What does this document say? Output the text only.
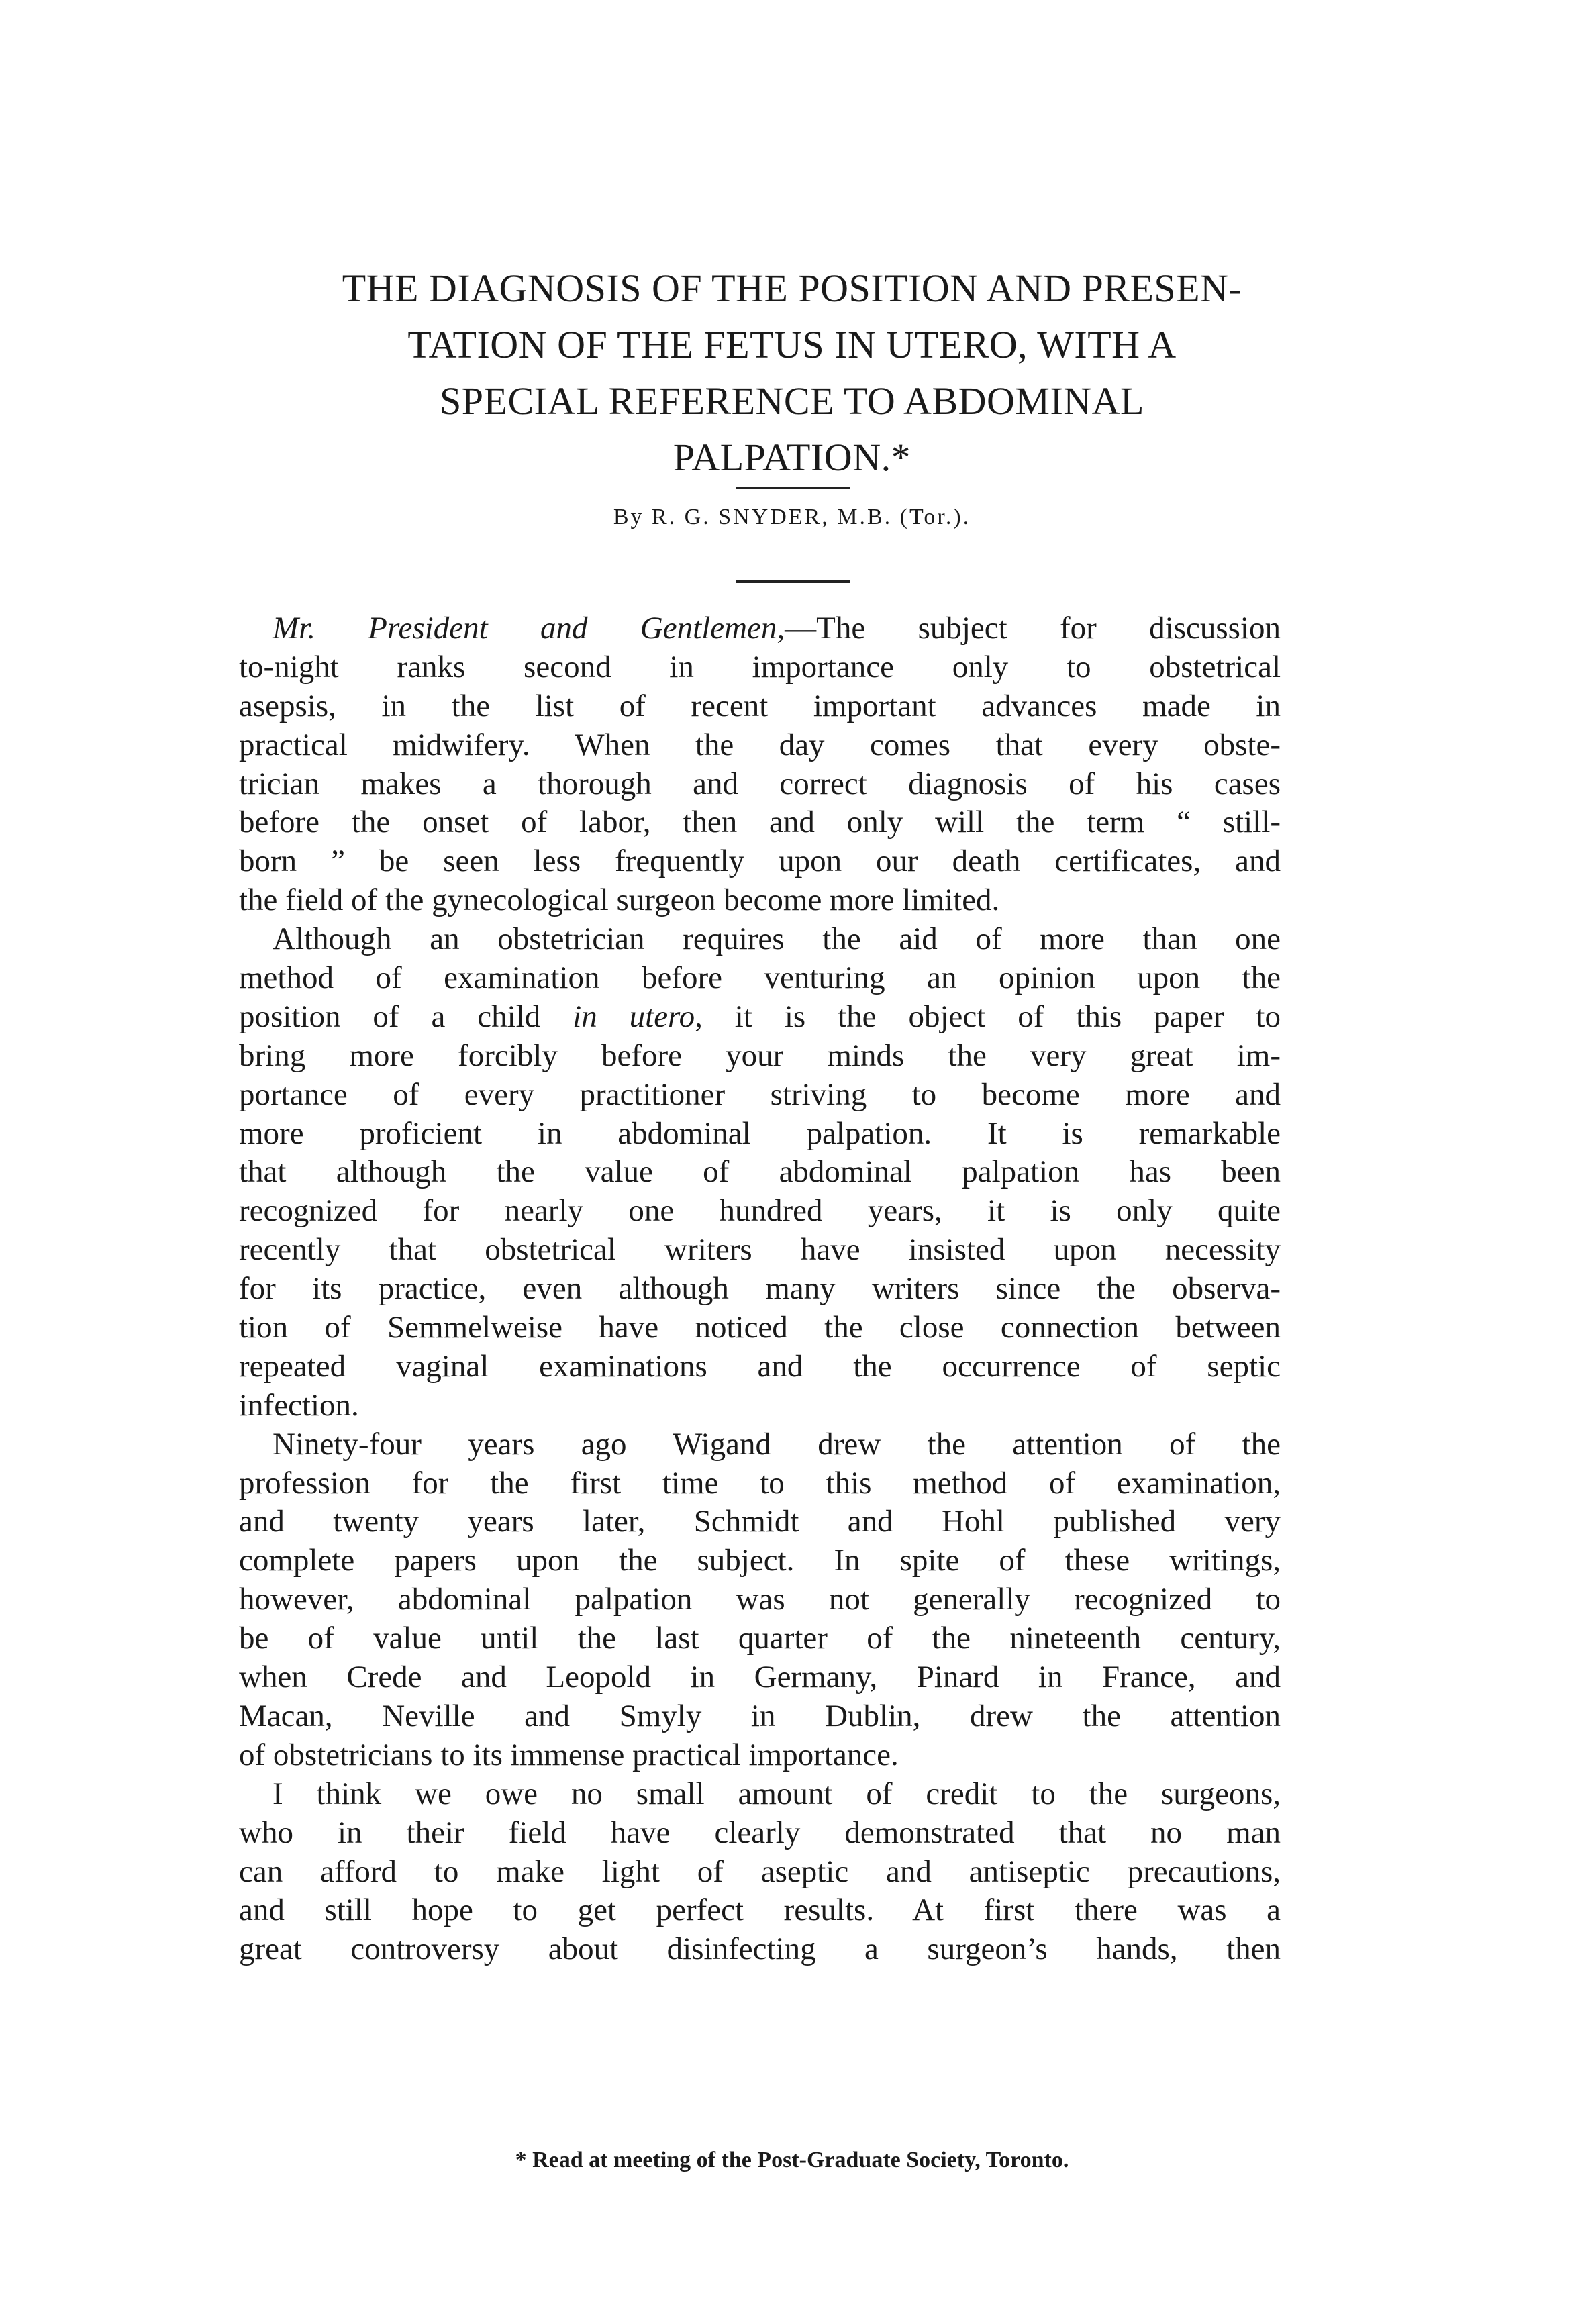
THE DIAGNOSIS OF THE POSITION AND PRESEN-
TATION OF THE FETUS IN UTERO, WITH A
SPECIAL REFERENCE TO ABDOMINAL
PALPATION.*
By R. G. SNYDER, M.B. (Tor.).

Mr. President and Gentlemen,—The subject for discussion
to-night ranks second in importance only to obstetrical
asepsis, in the list of recent important advances made in
practical midwifery. When the day comes that every obste-
trician makes a thorough and correct diagnosis of his cases
before the onset of labor, then and only will the term “ still-
born ” be seen less frequently upon our death certificates, and
the field of the gynecological surgeon become more limited.

Although an obstetrician requires the aid of more than one
method of examination before venturing an opinion upon the
position of a child in utero, it is the object of this paper to
bring more forcibly before your minds the very great im-
portance of every practitioner striving to become more and
more proficient in abdominal palpation. It is remarkable
that although the value of abdominal palpation has been
recognized for nearly one hundred years, it is only quite
recently that obstetrical writers have insisted upon necessity
for its practice, even although many writers since the observa-
tion of Semmelweise have noticed the close connection between
repeated vaginal examinations and the occurrence of septic
infection.

Ninety-four years ago Wigand drew the attention of the
profession for the first time to this method of examination,
and twenty years later, Schmidt and Hohl published very
complete papers upon the subject. In spite of these writings,
however, abdominal palpation was not generally recognized to
be of value until the last quarter of the nineteenth century,
when Crede and Leopold in Germany, Pinard in France, and
Macan, Neville and Smyly in Dublin, drew the attention
of obstetricians to its immense practical importance.

I think we owe no small amount of credit to the surgeons,
who in their field have clearly demonstrated that no man
can afford to make light of aseptic and antiseptic precautions,
and still hope to get perfect results. At first there was a
great controversy about disinfecting a surgeon’s hands, then

* Read at meeting of the Post-Graduate Society, Toronto.
